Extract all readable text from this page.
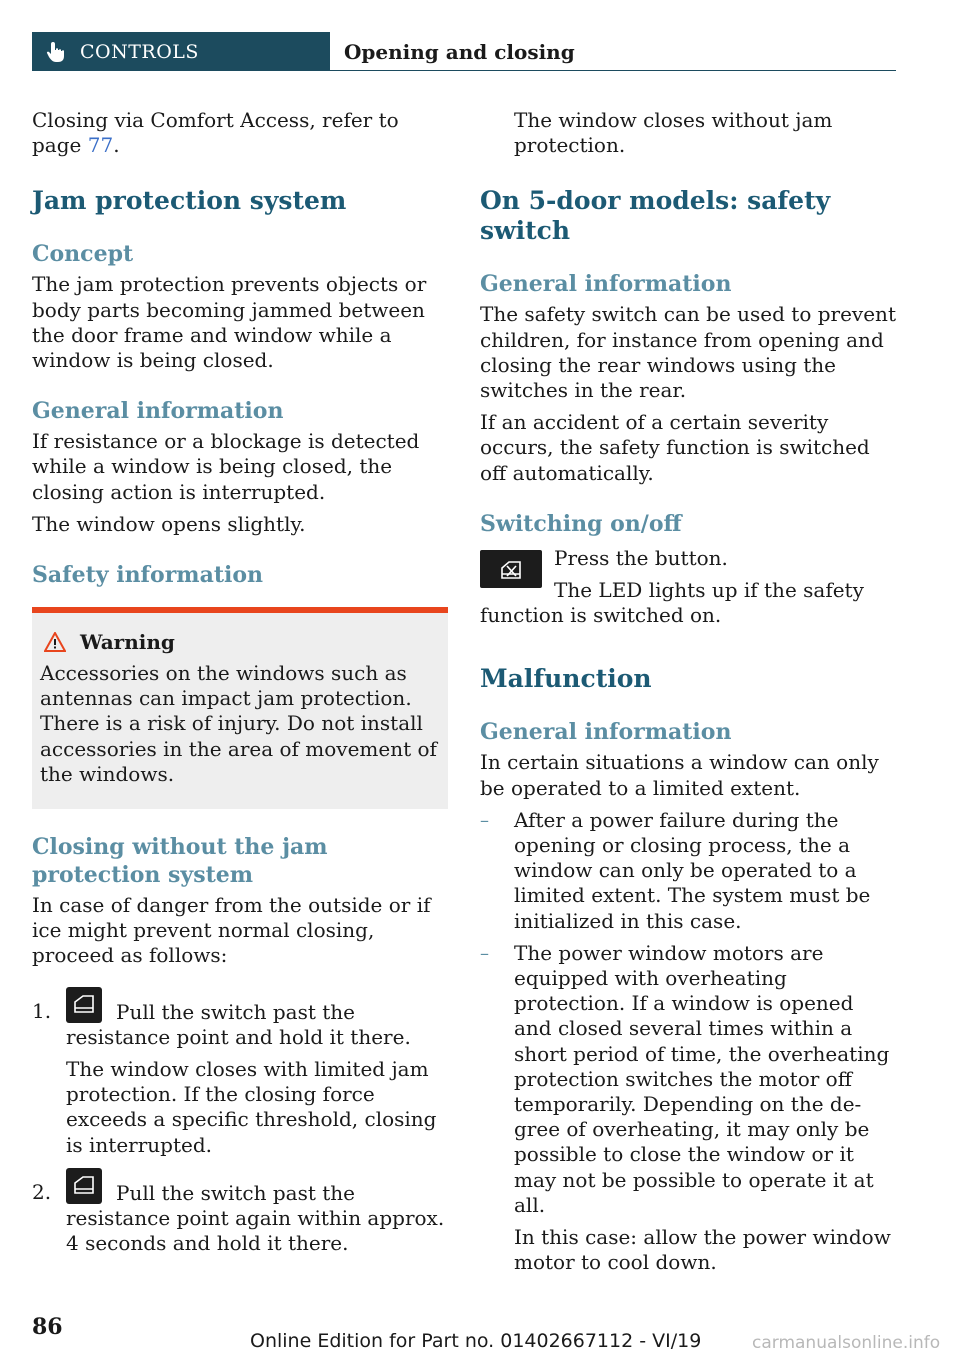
CONTROLS	Opening and closing

Closing via Comfort Access, refer to
page 77.

Jam protection system
Concept

The jam protection prevents objects or body parts becoming jammed between the door frame and window while a window is being closed.

General information

If resistance or a blockage is detected while a window is being closed, the closing action is interrupted.

The window opens slightly.

Safety information
Warning

Accessories on the windows such as antennas can impact jam protection. There is a risk of injury. Do not install accessories in the area of movement of the windows.

Closing without the jam protection system

In case of danger from the outside or if ice might prevent normal closing, proceed as follows:

1.	Pull the switch past the resistance point and hold it there.

The window closes with limited jam protection. If the closing force exceeds a specific threshold, closing is interrupted.

2.	Pull the switch past the resistance point again within approx. 4 seconds and hold it there.

The window closes without jam protection.

On 5-door models: safety switch
General information

The safety switch can be used to prevent children, for instance from opening and closing the rear windows using the switches in the rear.

If an accident of a certain severity occurs, the safety function is switched off automatically.

Switching on/off

Press the button.

The LED lights up if the safety function is switched on.

Malfunction
General information

In certain situations a window can only be operated to a limited extent.

– After a power failure during the opening or closing process, the a window can only be operated to a limited extent. The system must be initialized in this case.

– The power window motors are equipped with overheating protection. If a window is opened and closed several times within a short period of time, the overheating protection switches the motor off temporarily. Depending on the degree of overheating, it may only be possible to close the window or it may not be possible to operate it at all.

In this case: allow the power window motor to cool down.

86
Online Edition for Part no. 01402667112 - VI/19	carmanualsonline.info
